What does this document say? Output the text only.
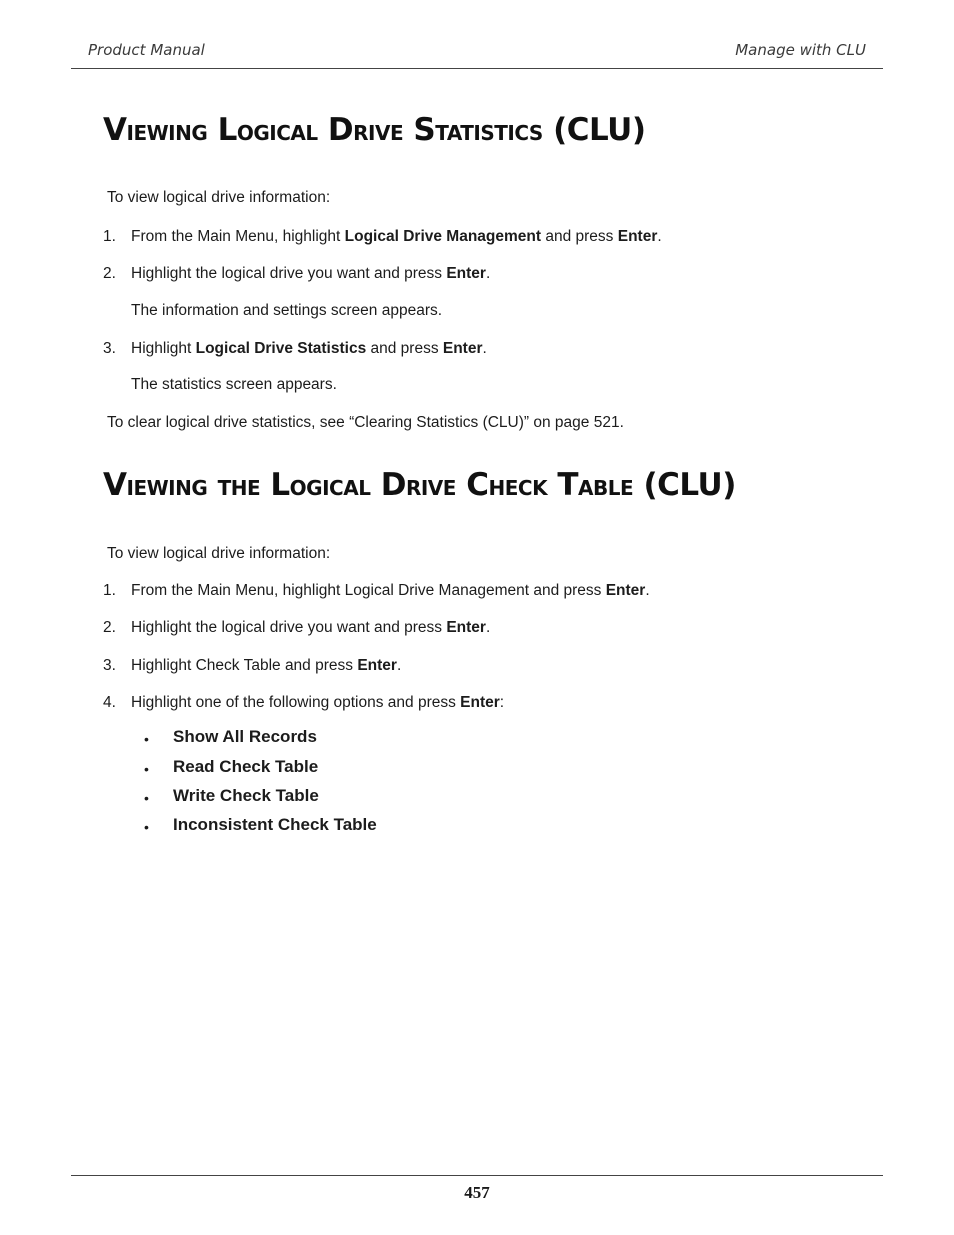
Product Manual	Manage with CLU
VIEWING LOGICAL DRIVE STATISTICS (CLU)
To view logical drive information:
1. From the Main Menu, highlight Logical Drive Management and press Enter.
2. Highlight the logical drive you want and press Enter.
The information and settings screen appears.
3. Highlight Logical Drive Statistics and press Enter.
The statistics screen appears.
To clear logical drive statistics, see “Clearing Statistics (CLU)” on page 521.
VIEWING THE LOGICAL DRIVE CHECK TABLE (CLU)
To view logical drive information:
1. From the Main Menu, highlight Logical Drive Management and press Enter.
2. Highlight the logical drive you want and press Enter.
3. Highlight Check Table and press Enter.
4. Highlight one of the following options and press Enter:
• Show All Records
• Read Check Table
• Write Check Table
• Inconsistent Check Table
457
